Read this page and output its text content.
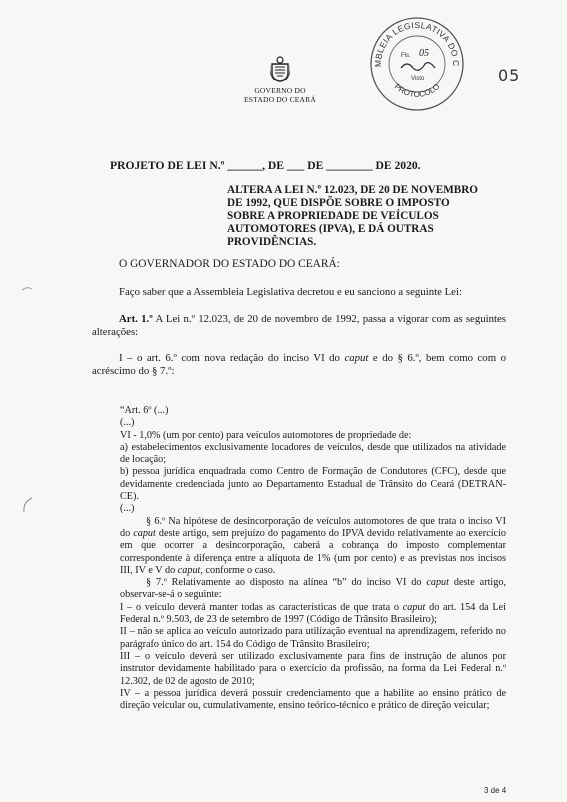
GOVERNO DO
ESTADO DO CEARÁ
MBLEIA LEGISLATIVA DO C
PROTOCOLO
Fls. 05
Visto	05
PROJETO DE LEI N.º ______, DE ___ DE ________ DE 2020.

ALTERA A LEI N.º 12.023, DE 20 DE NOVEMBRO

DE 1992, QUE DISPÕE SOBRE O IMPOSTO

SOBRE A PROPRIEDADE DE VEÍCULOS

AUTOMOTORES (IPVA), E DÁ OUTRAS

PROVIDÊNCIAS.

O GOVERNADOR DO ESTADO DO CEARÁ:
Faço saber que a Assembleia Legislativa decretou e eu sanciono a seguinte Lei:
Art. 1.º A Lei n.º 12.023, de 20 de novembro de 1992, passa a vigorar com as seguintes alterações:
I – o art. 6.º com nova redação do inciso VI do caput e do § 6.º, bem como com o acréscimo do § 7.º:

“Art. 6º (...)

(...)

VI - 1,0% (um por cento) para veículos automotores de propriedade de:

a) estabelecimentos exclusivamente locadores de veículos, desde que utilizados na atividade de locação;

b) pessoa jurídica enquadrada como Centro de Formação de Condutores (CFC), desde que devidamente credenciada junto ao Departamento Estadual de Trânsito do Ceará (DETRAN-CE).

(...)

§ 6.º Na hipótese de desincorporação de veículos automotores de que trata o inciso VI do caput deste artigo, sem prejuízo do pagamento do IPVA devido relativamente ao exercício em que ocorrer a desincorporação, caberá a cobrança do imposto complementar correspondente à diferença entre a alíquota de 1% (um por cento) e as previstas nos incisos III, IV e V do caput, conforme o caso.

§ 7.º Relativamente ao disposto na alínea “b” do inciso VI do caput deste artigo, observar-se-á o seguinte:

I – o veículo deverá manter todas as características de que trata o caput do art. 154 da Lei Federal n.º 9.503, de 23 de setembro de 1997 (Código de Trânsito Brasileiro);

II – não se aplica ao veículo autorizado para utilização eventual na aprendizagem, referido no parágrafo único do art. 154 do Código de Trânsito Brasileiro;

III – o veículo deverá ser utilizado exclusivamente para fins de instrução de alunos por instrutor devidamente habilitado para o exercício da profissão, na forma da Lei Federal n.º 12.302, de 02 de agosto de 2010;

IV – a pessoa jurídica deverá possuir credenciamento que a habilite ao ensino prático de direção veicular ou, cumulativamente, ensino teórico-técnico e prático de direção veicular;

3 de 4
